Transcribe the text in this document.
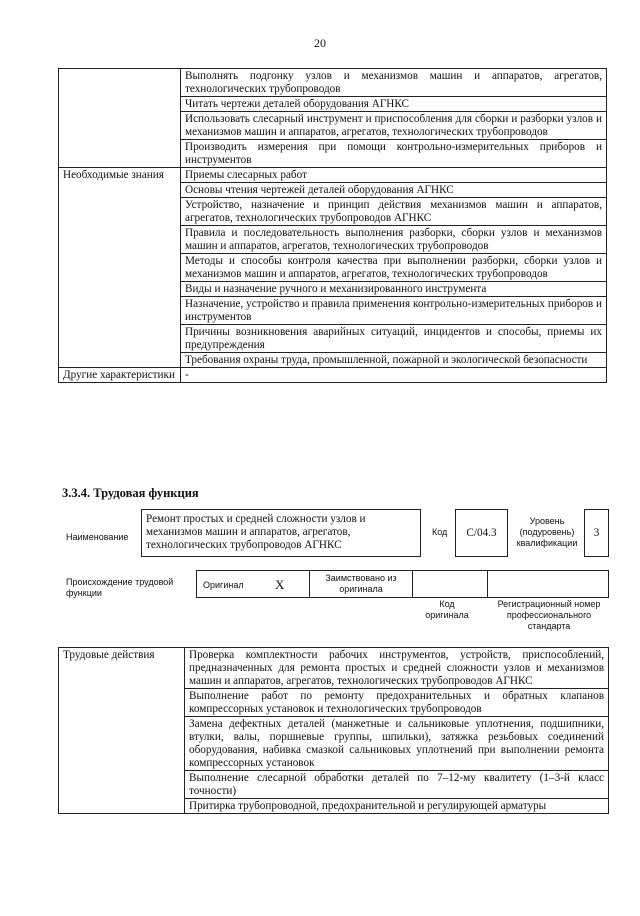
20
	Выполнять подгонку узлов и механизмов машин и аппаратов, агрегатов, технологических трубопроводов
	Читать чертежи деталей оборудования АГНКС
	Использовать слесарный инструмент и приспособления для сборки и разборки узлов и механизмов машин и аппаратов, агрегатов, технологических трубопроводов
	Производить измерения при помощи контрольно-измерительных приборов и инструментов
Необходимые знания	Приемы слесарных работ
	Основы чтения чертежей деталей оборудования АГНКС
	Устройство, назначение и принцип действия механизмов машин и аппаратов, агрегатов, технологических трубопроводов АГНКС
	Правила и последовательность выполнения разборки, сборки узлов и механизмов машин и аппаратов, агрегатов, технологических трубопроводов
	Методы и способы контроля качества при выполнении разборки, сборки узлов и механизмов машин и аппаратов, агрегатов, технологических трубопроводов
	Виды и назначение ручного и механизированного инструмента
	Назначение, устройство и правила применения контрольно-измерительных приборов и инструментов
	Причины возникновения аварийных ситуаций, инцидентов и способы, приемы их предупреждения
	Требования охраны труда, промышленной, пожарной и экологической безопасности
Другие характеристики	-
3.3.4. Трудовая функция
Наименование
Ремонт простых и средней сложности узлов и механизмов машин и аппаратов, агрегатов, технологических трубопроводов АГНКС
Код	С/04.3
Уровень (подуровень) квалификации
3
Происхождение трудовой функции
Оригинал X	Заимствовано из оригинала
Код оригинала
Регистрационный номер профессионального стандарта
Трудовые действия	Проверка комплектности рабочих инструментов, устройств, приспособлений, предназначенных для ремонта простых и средней сложности узлов и механизмов машин и аппаратов, агрегатов, технологических трубопроводов АГНКС
Выполнение работ по ремонту предохранительных и обратных клапанов компрессорных установок и технологических трубопроводов
Замена дефектных деталей (манжетные и сальниковые уплотнения, подшипники, втулки, валы, поршневые группы, шпильки), затяжка резьбовых соединений оборудования, набивка смазкой сальниковых уплотнений при выполнении ремонта компрессорных установок
Выполнение слесарной обработки деталей по 7–12-му квалитету (1–3-й класс точности)
Притирка трубопроводной, предохранительной и регулирующей арматуры
